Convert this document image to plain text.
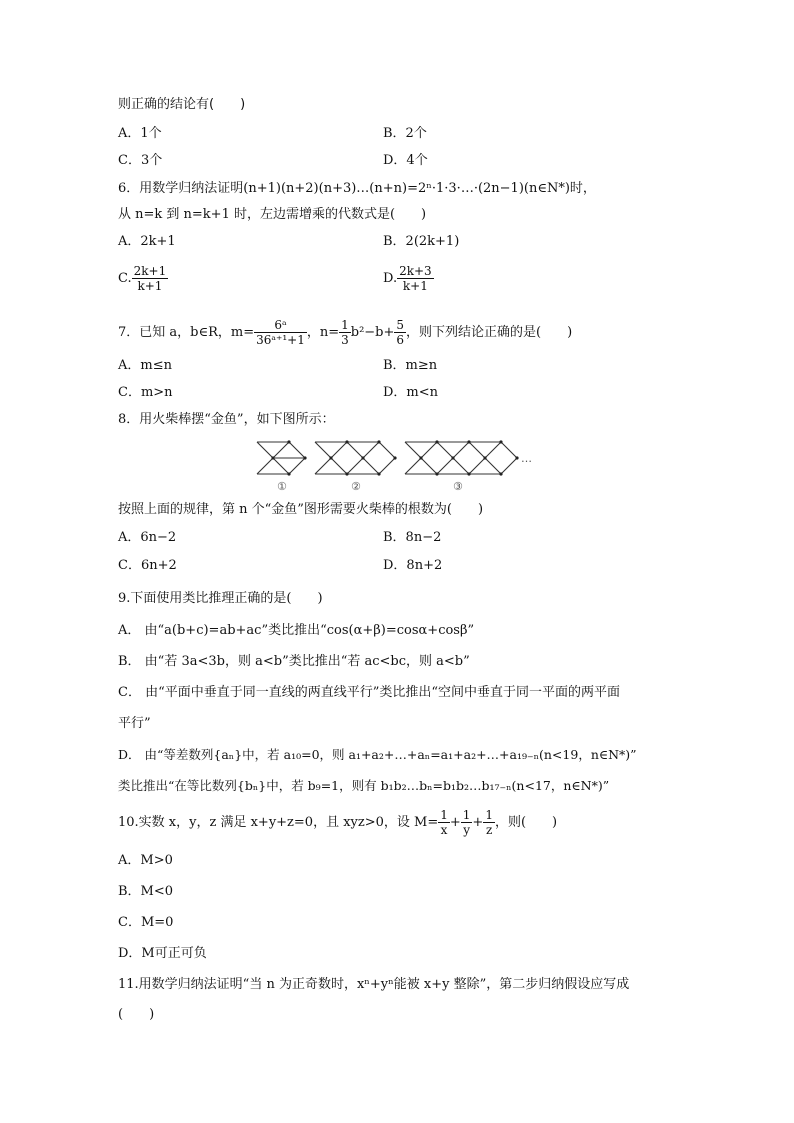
则正确的结论有(　　)
A．1个	B．2个
C．3个	D．4个
6．用数学归纳法证明(n+1)(n+2)(n+3)…(n+n)=2ⁿ·1·3·…·(2n−1)(n∈N*)时，
从 n=k 到 n=k+1 时，左边需增乘的代数式是(　　)
A．2k+1	B．2(2k+1)
C. $\frac{2k+1}{k+1}$	D. $\frac{2k+3}{k+1}$
7．已知 a，b∈R，$m= \frac{\text{6ᵃ}}{\text{36ᵃ⁺¹+1}}$ ，$n= \frac{1}{3} b^2-b+ \frac{5}{6}$ ，则下列结论正确的是(　　)
A．m≤n	B．m≥n
C．m>n	D．m<n
8．用火柴棒摆“金鱼”，如下图所示：
①	②	③
…
按照上面的规律，第 n 个“金鱼”图形需要火柴棒的根数为(　　)
A．6n−2	B．8n−2
C．6n+2	D．8n+2
9.下面使用类比推理正确的是(　　)
A． 由“a(b+c)=ab+ac”类比推出“cos(α+β)=cosα+cosβ”
B． 由“若 3a<3b，则 a<b”类比推出“若 ac<bc，则 a<b”
C． 由“平面中垂直于同一直线的两直线平行”类比推出“空间中垂直于同一平面的两平面
平行”
D． 由“等差数列{aₙ}中，若 a₁₀=0，则 a₁+a₂+…+aₙ=a₁+a₂+…+a₁₉₋ₙ(n<19，n∈N*)”
类比推出“在等比数列{bₙ}中，若 b₉=1，则有 b₁b₂…bₙ=b₁b₂…b₁₇₋ₙ(n<17，n∈N*)”
10.实数 x，y，z 满足 x+y+z=0，且 xyz>0，设 $M= \frac{1}{x} + \frac{1}{y} + \frac{1}{z}$ ，则(　　)
A．M>0
B．M<0
C．M=0
D．M可正可负
11.用数学归纳法证明“当 n 为正奇数时，xⁿ+yⁿ能被 x+y 整除”，第二步归纳假设应写成
(　　)
